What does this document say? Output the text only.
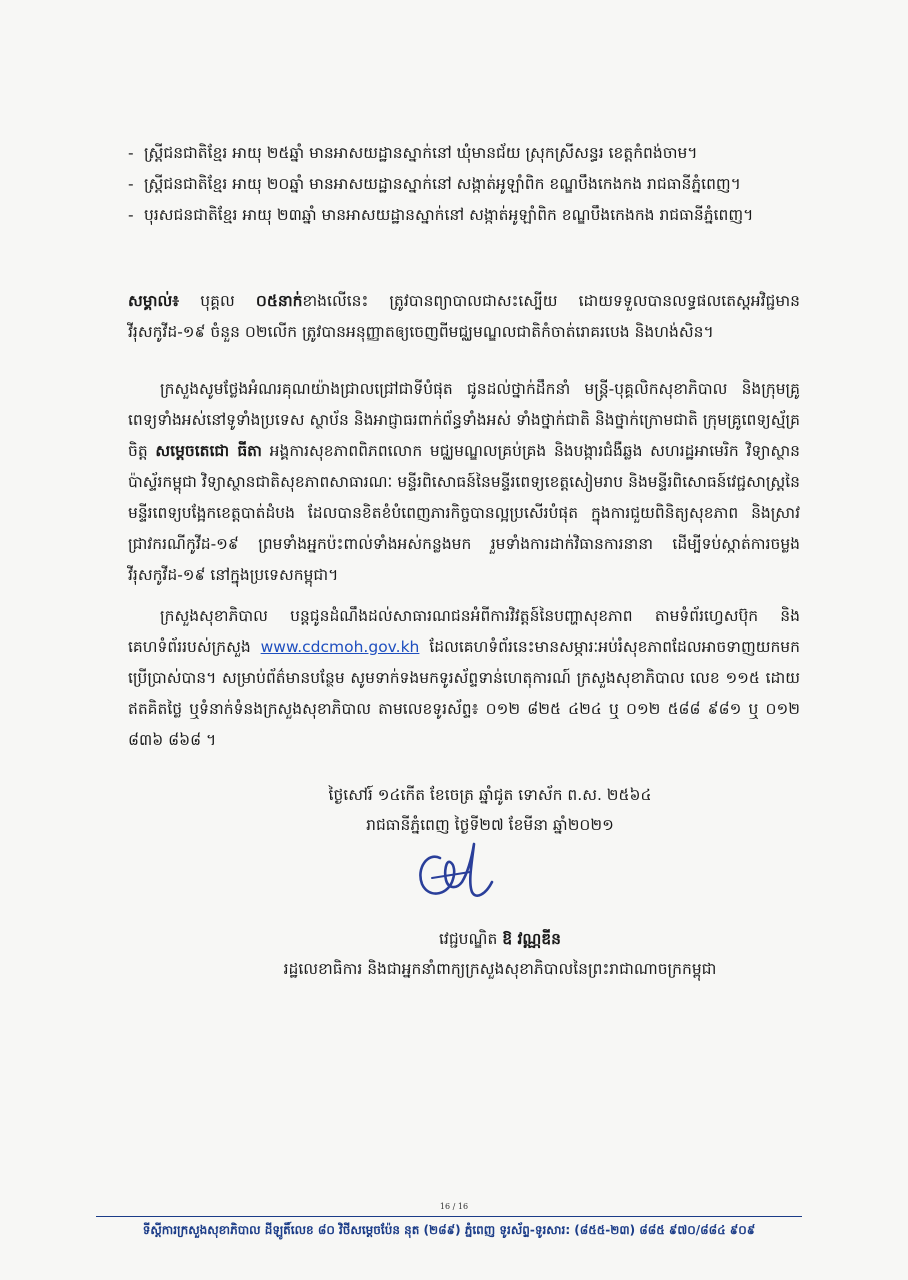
- ស្ត្រីជនជាតិខ្មែរ អាយុ ២៥ឆ្នាំ មានអាសយដ្ឋានស្នាក់នៅ ឃុំមានជ័យ ស្រុកស្រីសន្ធរ ខេត្តកំពង់ចាម។
- ស្ត្រីជនជាតិខ្មែរ អាយុ ២០ឆ្នាំ មានអាសយដ្ឋានស្នាក់នៅ សង្កាត់អូឡាំពិក ខណ្ឌបឹងកេងកង រាជធានីភ្នំពេញ។
- បុរសជនជាតិខ្មែរ អាយុ ២៣ឆ្នាំ មានអាសយដ្ឋានស្នាក់នៅ សង្កាត់អូឡាំពិក ខណ្ឌបឹងកេងកង រាជធានីភ្នំពេញ។
សម្គាល់៖ បុគ្គល ០៥នាក់ខាងលើនេះ ត្រូវបានព្យាបាលជាសះស្បើយ ដោយទទួលបានលទ្ធផលតេស្តអវិជ្ជមានវីរុសកូវីដ-១៩ ចំនួន ០២លើក ត្រូវបានអនុញ្ញាតឲ្យចេញពីមជ្ឈមណ្ឌលជាតិកំចាត់រោគរបេង និងហង់សិន។
ក្រសួងសូមថ្លែងអំណរគុណយ៉ាងជ្រាលជ្រៅជាទីបំផុត ជូនដល់ថ្នាក់ដឹកនាំ មន្ត្រី-បុគ្គលិកសុខាភិបាល និងក្រុមគ្រូពេទ្យទាំងអស់នៅទូទាំងប្រទេស ស្ថាប័ន និងអាជ្ញាធរពាក់ព័ន្ធទាំងអស់ ទាំងថ្នាក់ជាតិ និងថ្នាក់ក្រោមជាតិ ក្រុមគ្រូពេទ្យស្ម័គ្រចិត្ត សម្តេចតេជោ ធីតា អង្គការសុខភាពពិភពលោក មជ្ឈមណ្ឌលគ្រប់គ្រង និងបង្ការជំងឺឆ្លង សហរដ្ឋអាមេរិក វិទ្យាស្ថានប៉ាស្ទ័រកម្ពុជា វិទ្យាស្ថានជាតិសុខភាពសាធារណៈ មន្ទីរពិសោធន៍នៃមន្ទីរពេទ្យខេត្តសៀមរាប និងមន្ទីរពិសោធន៍វេជ្ជសាស្ត្រនៃមន្ទីរពេទ្យបង្អែកខេត្តបាត់ដំបង ដែលបានខិតខំបំពេញភារកិច្ចបានល្អប្រសើរបំផុត ក្នុងការជួយពិនិត្យសុខភាព និងស្រាវជ្រាវករណីកូវីដ-១៩ ព្រមទាំងអ្នកប៉ះពាល់ទាំងអស់កន្លងមក រួមទាំងការដាក់វិធានការនានា ដើម្បីទប់ស្កាត់ការចម្លងវីរុសកូវីដ-១៩ នៅក្នុងប្រទេសកម្ពុជា។
ក្រសួងសុខាភិបាល បន្តជូនដំណឹងដល់សាធារណជនអំពីការវិវត្តន៍នៃបញ្ហាសុខភាព តាមទំព័រហ្វេសប៊ុក និងគេហទំព័ររបស់ក្រសួង www.cdcmoh.gov.kh ដែលគេហទំព័រនេះមានសម្ភារៈអប់រំសុខភាពដែលអាចទាញយកមកប្រើប្រាស់បាន។ សម្រាប់ព័ត៌មានបន្ថែម សូមទាក់ទងមកទូរស័ព្ទទាន់ហេតុការណ៍ ក្រសួងសុខាភិបាល លេខ ១១៥ ដោយឥតគិតថ្លៃ ឬទំនាក់ទំនងក្រសួងសុខាភិបាល តាមលេខទូរស័ព្ទ៖ ០១២ ៨២៥ ៤២៤ ឬ ០១២ ៥៨៨ ៩៨១ ឬ ០១២ ៨៣៦ ៨៦៨ ។
ថ្ងៃសៅរ៍ ១៤កើត ខែចេត្រ ឆ្នាំជូត ទោស័ក ព.ស. ២៥៦៤
រាជធានីភ្នំពេញ ថ្ងៃទី២៧ ខែមីនា ឆ្នាំ២០២១
វេជ្ជបណ្ឌិត ឱ វណ្ណឌីន
រដ្ឋលេខាធិការ និងជាអ្នកនាំពាក្យក្រសួងសុខាភិបាលនៃព្រះរាជាណាចក្រកម្ពុជា
16 / 16
ទីស្តីការក្រសួងសុខាភិបាល ដីឡូតិ៍លេខ ៨០ វិថីសម្តេចប៉ែន នុត (២៨៩) ភ្នំពេញ ទូរស័ព្ទ-ទូរសារ: (៨៥៥-២៣) ៨៨៥ ៩៧០/៨៨៤ ៩០៩
